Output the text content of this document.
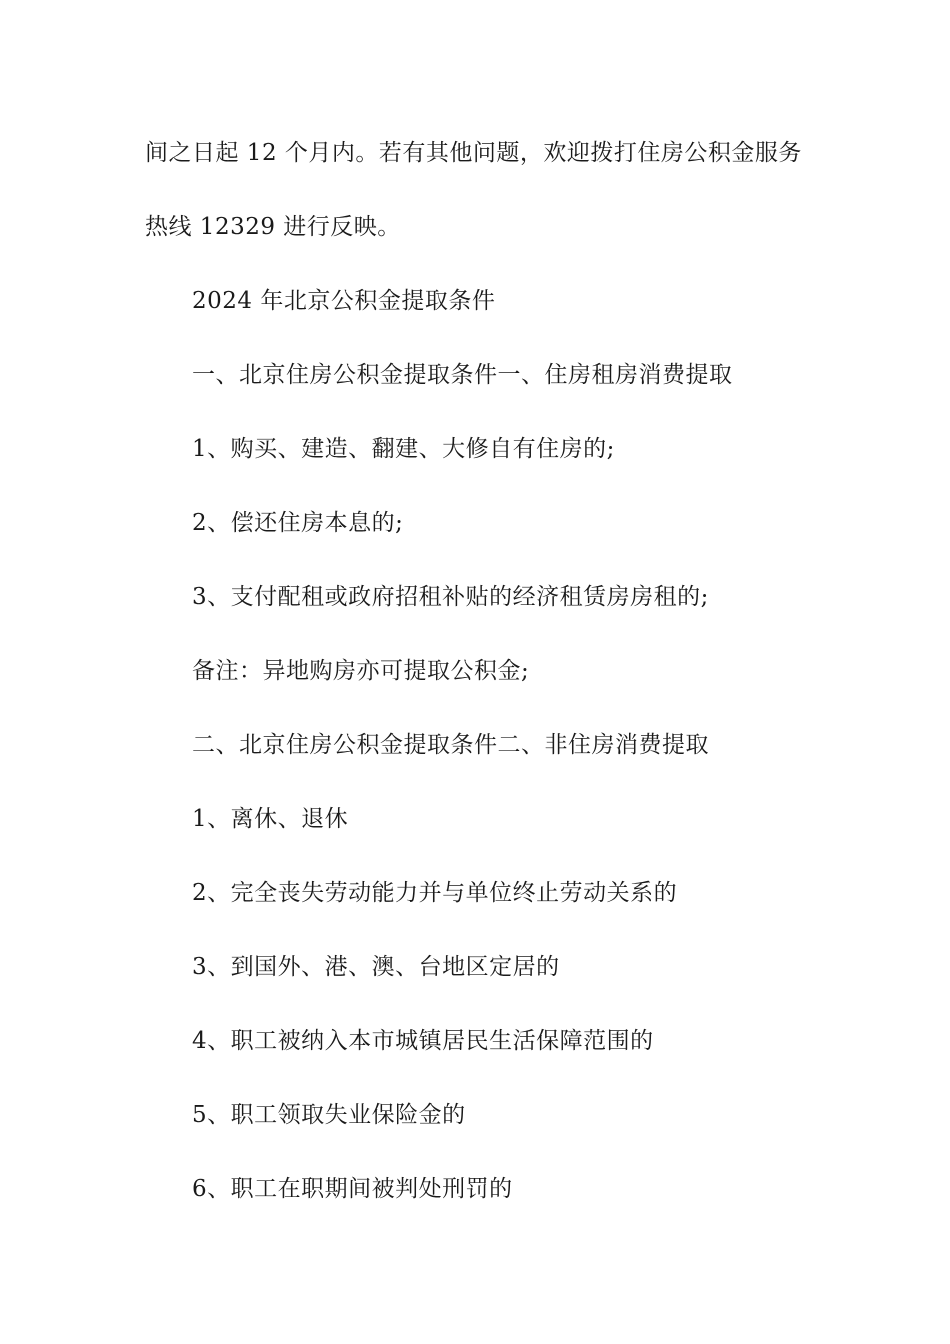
间之日起 12 个月内。若有其他问题，欢迎拨打住房公积金服务
热线 12329 进行反映。
2024 年北京公积金提取条件
一、北京住房公积金提取条件一、住房租房消费提取
1、购买、建造、翻建、大修自有住房的;
2、偿还住房本息的;
3、支付配租或政府招租补贴的经济租赁房房租的;
备注：异地购房亦可提取公积金;
二、北京住房公积金提取条件二、非住房消费提取
1、离休、退休
2、完全丧失劳动能力并与单位终止劳动关系的
3、到国外、港、澳、台地区定居的
4、职工被纳入本市城镇居民生活保障范围的
5、职工领取失业保险金的
6、职工在职期间被判处刑罚的
